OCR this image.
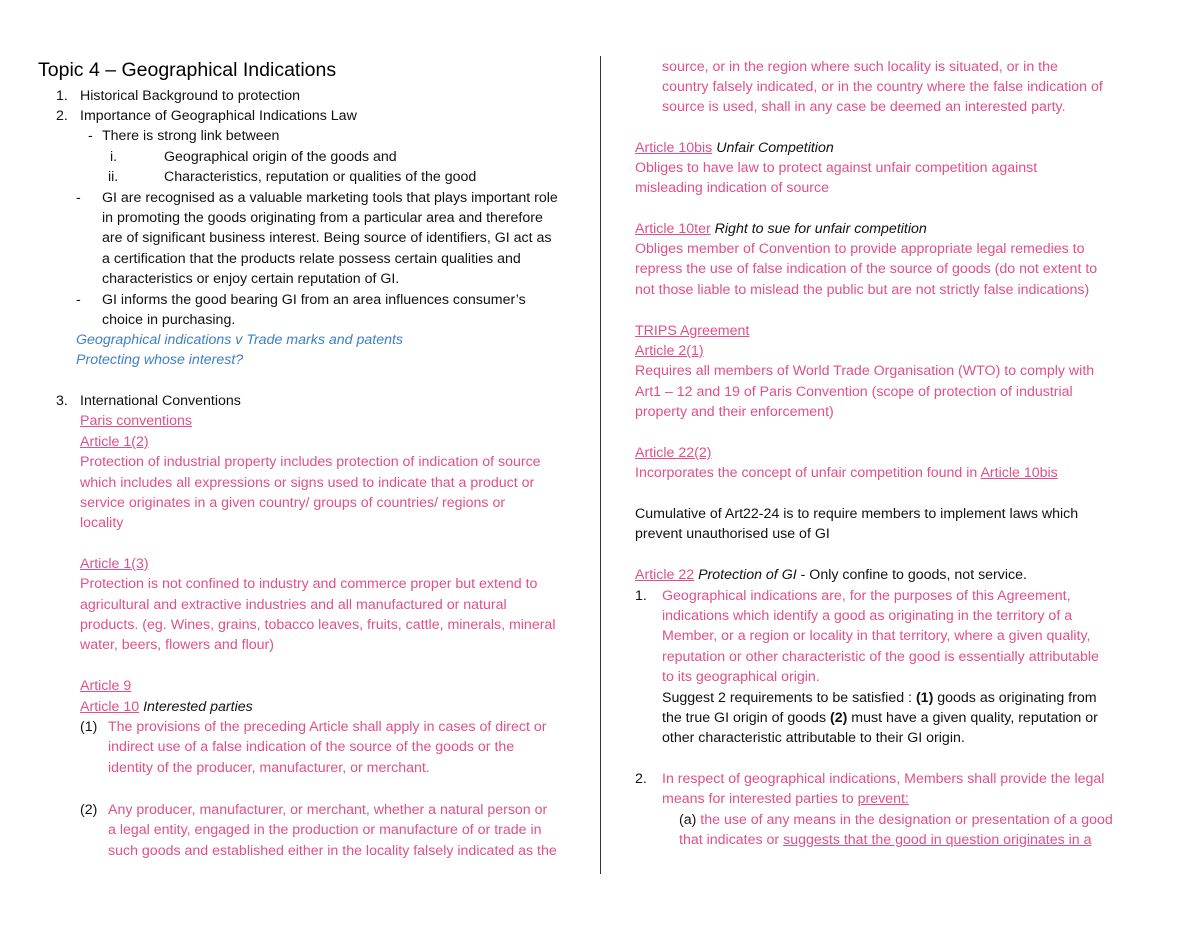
Topic 4 – Geographical Indications
1. Historical Background to protection
2. Importance of Geographical Indications Law
- There is strong link between
i.	Geographical origin of the goods and
ii.	Characteristics, reputation or qualities of the good
- GI are recognised as a valuable marketing tools that plays important role
in promoting the goods originating from a particular area and therefore
are of significant business interest. Being source of identifiers, GI act as
a certification that the products relate possess certain qualities and
characteristics or enjoy certain reputation of GI.
- GI informs the good bearing GI from an area influences consumer’s
choice in purchasing.
Geographical indications v Trade marks and patents
Protecting whose interest?
3. International Conventions
Paris conventions
Article 1(2)
Protection of industrial property includes protection of indication of source
which includes all expressions or signs used to indicate that a product or
service originates in a given country/ groups of countries/ regions or
locality
Article 1(3)
Protection is not confined to industry and commerce proper but extend to
agricultural and extractive industries and all manufactured or natural
products. (eg. Wines, grains, tobacco leaves, fruits, cattle, minerals, mineral
water, beers, flowers and flour)
Article 9
Article 10 Interested parties
(1) The provisions of the preceding Article shall apply in cases of direct or
indirect use of a false indication of the source of the goods or the
identity of the producer, manufacturer, or merchant.
(2) Any producer, manufacturer, or merchant, whether a natural person or
a legal entity, engaged in the production or manufacture of or trade in
such goods and established either in the locality falsely indicated as the
source, or in the region where such locality is situated, or in the
country falsely indicated, or in the country where the false indication of
source is used, shall in any case be deemed an interested party.
Article 10bis Unfair Competition
Obliges to have law to protect against unfair competition against
misleading indication of source
Article 10ter Right to sue for unfair competition
Obliges member of Convention to provide appropriate legal remedies to
repress the use of false indication of the source of goods (do not extent to
not those liable to mislead the public but are not strictly false indications)
TRIPS Agreement
Article 2(1)
Requires all members of World Trade Organisation (WTO) to comply with
Art1 – 12 and 19 of Paris Convention (scope of protection of industrial
property and their enforcement)
Article 22(2)
Incorporates the concept of unfair competition found in Article 10bis
Cumulative of Art22-24 is to require members to implement laws which
prevent unauthorised use of GI
Article 22 Protection of GI - Only confine to goods, not service.
1. Geographical indications are, for the purposes of this Agreement,
indications which identify a good as originating in the territory of a
Member, or a region or locality in that territory, where a given quality,
reputation or other characteristic of the good is essentially attributable
to its geographical origin.
Suggest 2 requirements to be satisfied : (1) goods as originating from
the true GI origin of goods (2) must have a given quality, reputation or
other characteristic attributable to their GI origin.
2. In respect of geographical indications, Members shall provide the legal
means for interested parties to prevent:
(a) the use of any means in the designation or presentation of a good
that indicates or suggests that the good in question originates in a
